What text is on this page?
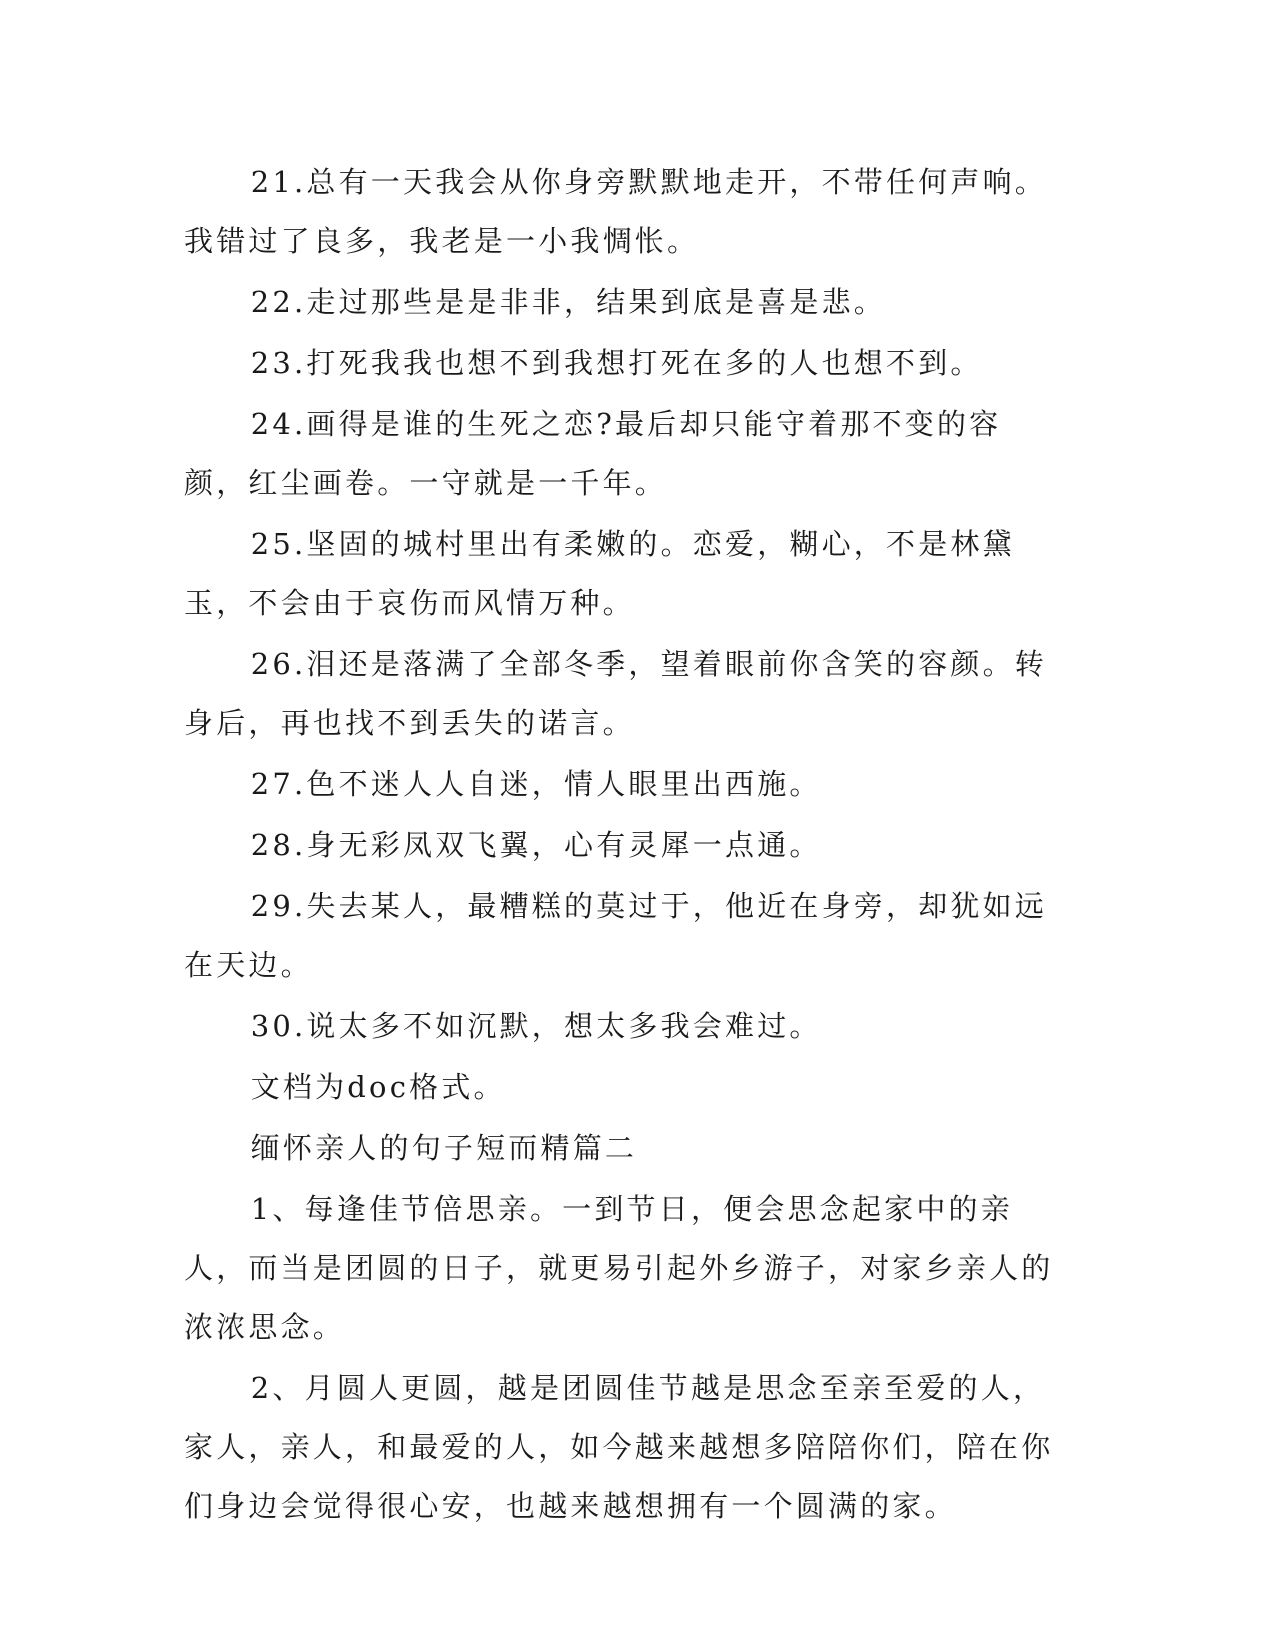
21.总有一天我会从你身旁默默地走开，不带任何声响。我错过了良多，我老是一小我惆怅。

22.走过那些是是非非，结果到底是喜是悲。

23.打死我我也想不到我想打死在多的人也想不到。

24.画得是谁的生死之恋?最后却只能守着那不变的容颜，红尘画卷。一守就是一千年。

25.坚固的城村里出有柔嫩的。恋爱，糊心，不是林黛玉，不会由于哀伤而风情万种。

26.泪还是落满了全部冬季，望着眼前你含笑的容颜。转身后，再也找不到丢失的诺言。

27.色不迷人人自迷，情人眼里出西施。

28.身无彩凤双飞翼，心有灵犀一点通。

29.失去某人，最糟糕的莫过于，他近在身旁，却犹如远在天边。

30.说太多不如沉默，想太多我会难过。

文档为doc格式。

缅怀亲人的句子短而精篇二

1、每逢佳节倍思亲。一到节日，便会思念起家中的亲人，而当是团圆的日子，就更易引起外乡游子，对家乡亲人的浓浓思念。

2、月圆人更圆，越是团圆佳节越是思念至亲至爱的人，家人，亲人，和最爱的人，如今越来越想多陪陪你们，陪在你们身边会觉得很心安，也越来越想拥有一个圆满的家。
